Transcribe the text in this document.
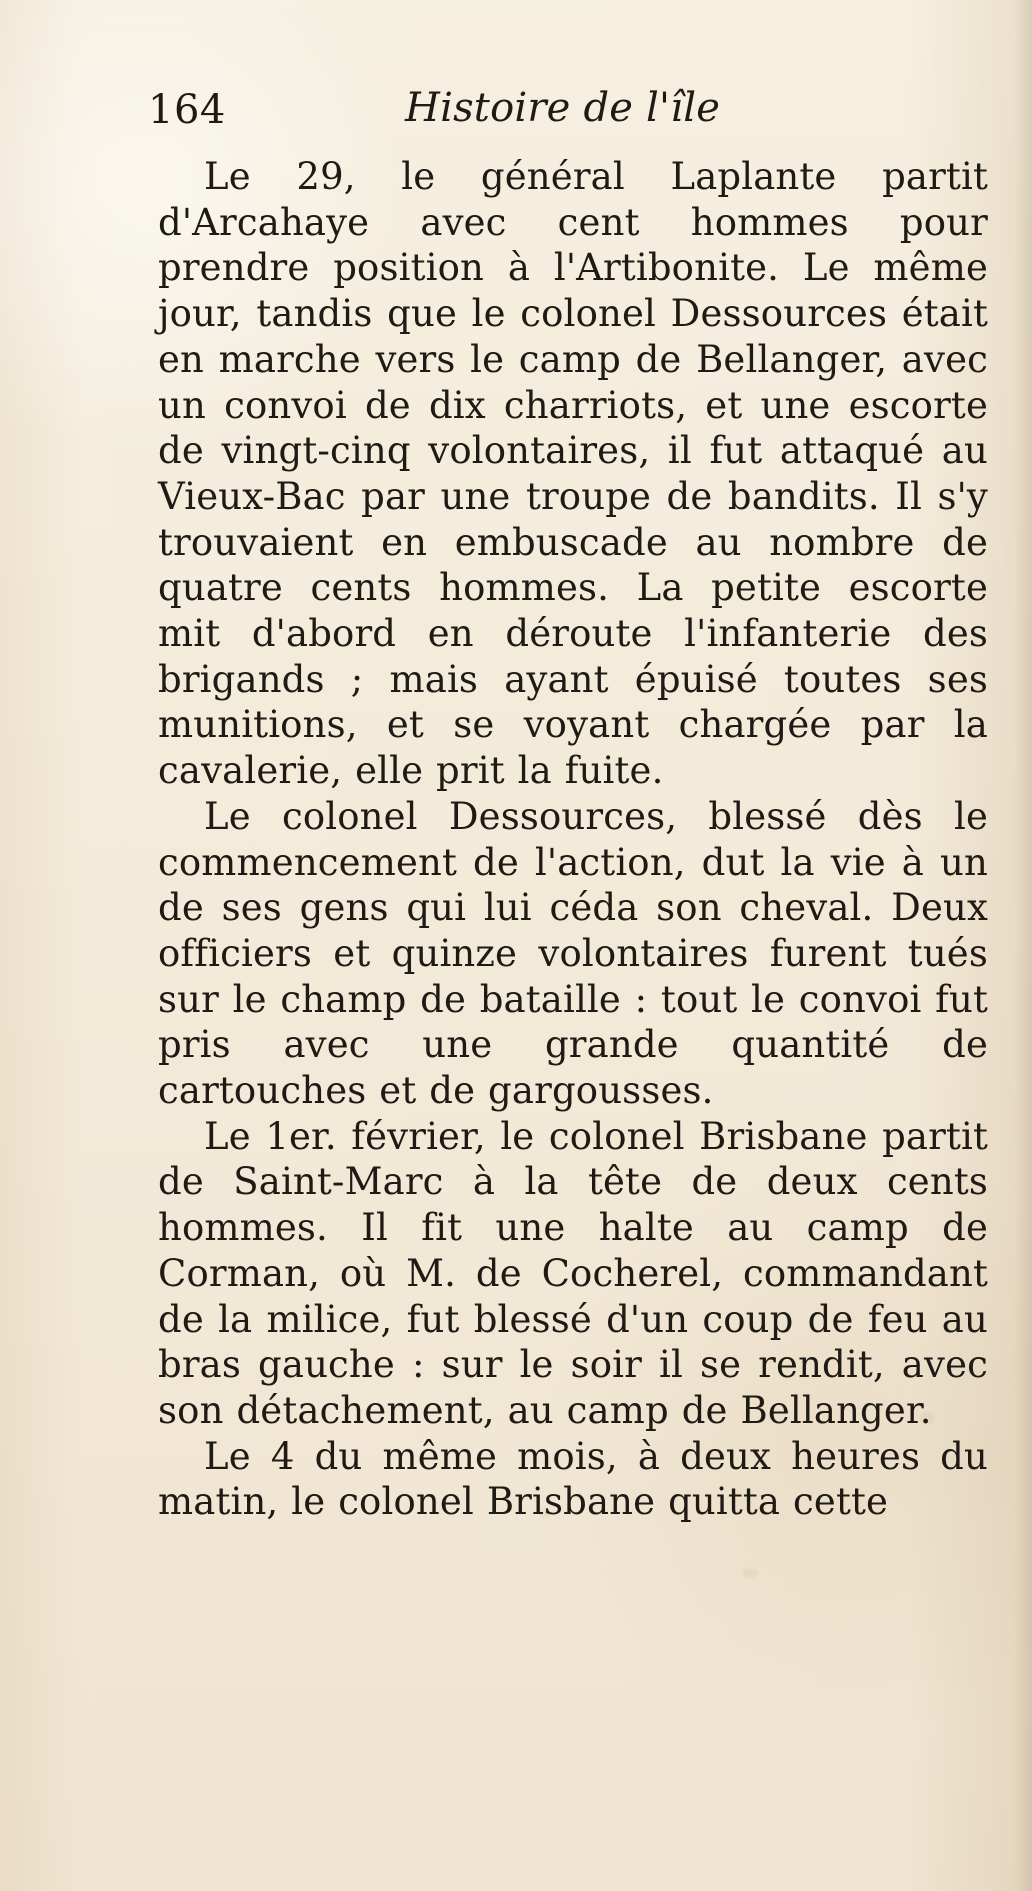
164	Histoire de l'île

Le 29, le général Laplante partit d'Arcahaye avec cent hommes pour prendre position à l'Artibonite. Le même jour, tandis que le colonel Dessources était en marche vers le camp de Bellanger, avec un convoi de dix charriots, et une escorte de vingt-cinq volontaires, il fut attaqué au Vieux-Bac par une troupe de bandits. Il s'y trouvaient en embuscade au nombre de quatre cents hommes. La petite escorte mit d'abord en déroute l'infanterie des brigands ; mais ayant épuisé toutes ses munitions, et se voyant chargée par la cavalerie, elle prit la fuite.

Le colonel Dessources, blessé dès le commencement de l'action, dut la vie à un de ses gens qui lui céda son cheval. Deux officiers et quinze volontaires furent tués sur le champ de bataille : tout le convoi fut pris avec une grande quantité de cartouches et de gargousses.

Le 1er. février, le colonel Brisbane partit de Saint-Marc à la tête de deux cents hommes. Il fit une halte au camp de Corman, où M. de Cocherel, commandant de la milice, fut blessé d'un coup de feu au bras gauche : sur le soir il se rendit, avec son détachement, au camp de Bellanger.

Le 4 du même mois, à deux heures du matin, le colonel Brisbane quitta cette
